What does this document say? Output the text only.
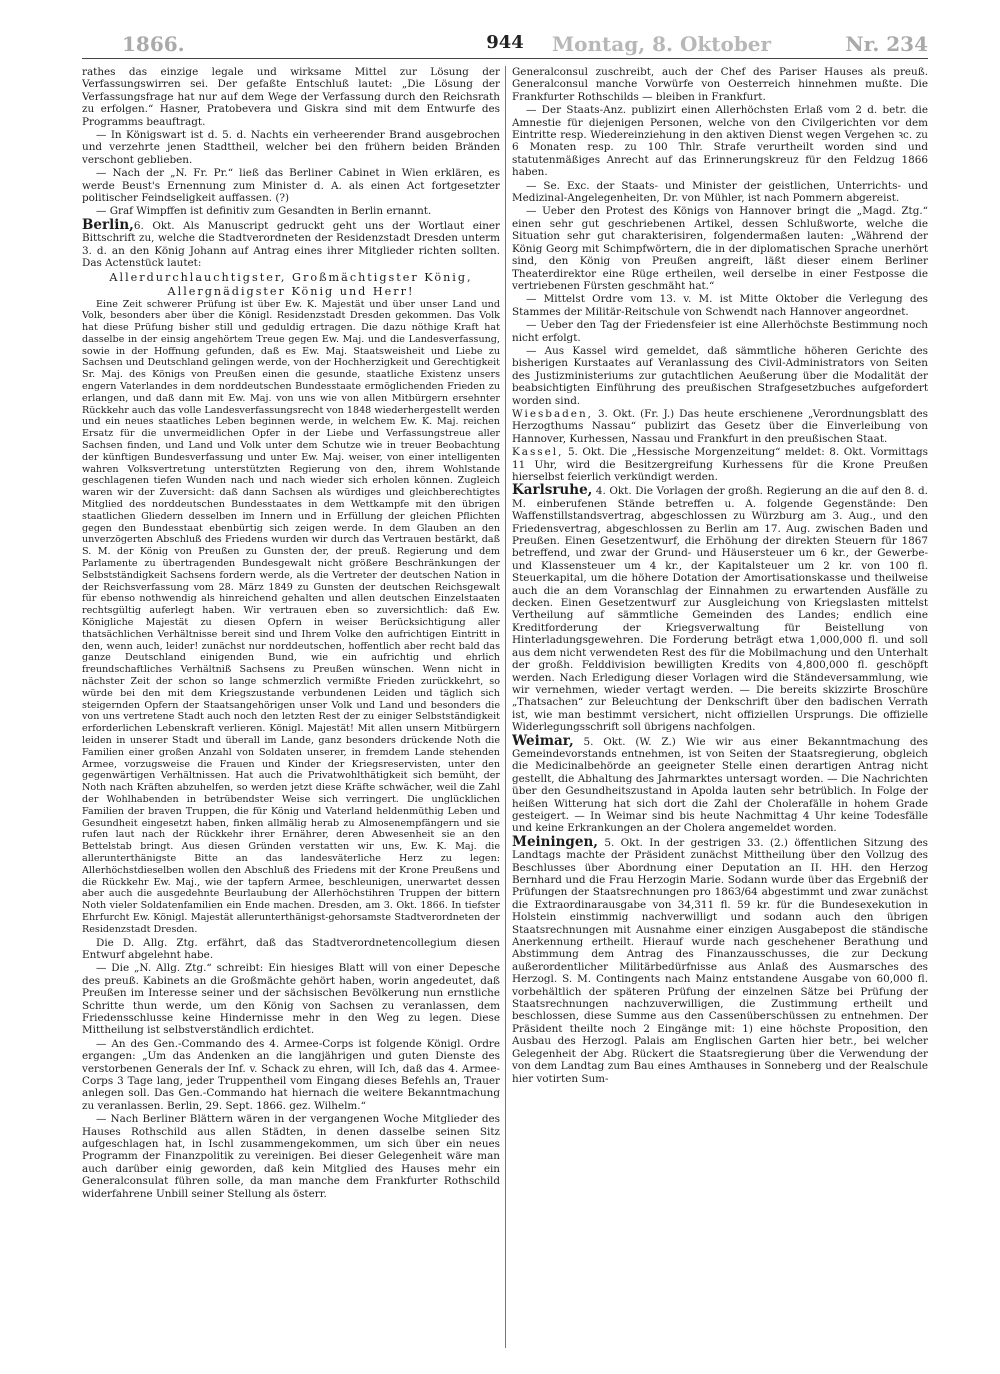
1866.	944	Montag, 8. Oktober	Nr. 234

rathes das einzige legale und wirksame Mittel zur Lösung der Verfassungswirren sei. Der gefaßte Entschluß lautet: „Die Lösung der Verfassungsfrage hat nur auf dem Wege der Verfassung durch den Reichsrath zu erfolgen.“ Hasner, Pratobevera und Giskra sind mit dem Entwurfe des Programms beauftragt.

— In Königswart ist d. 5. d. Nachts ein verheerender Brand ausgebrochen und verzehrte jenen Stadttheil, welcher bei den frühern beiden Bränden verschont geblieben.

— Nach der „N. Fr. Pr.“ ließ das Berliner Cabinet in Wien erklären, es werde Beust's Ernennung zum Minister d. A. als einen Act fortgesetzter politischer Feindseligkeit auffassen. (?)

— Graf Wimpffen ist definitiv zum Gesandten in Berlin ernannt.

Berlin,6. Okt. Als Manuscript gedruckt geht uns der Wortlaut einer Bittschrift zu, welche die Stadtverordneten der Residenzstadt Dresden unterm 3. d. an den König Johann auf Antrag eines ihrer Mitglieder richten sollten. Das Actenstück lautet:

Allerdurchlauchtigster, Großmächtigster König,

Allergnädigster König und Herr!

Eine Zeit schwerer Prüfung ist über Ew. K. Majestät und über unser Land und Volk, besonders aber über die Königl. Residenzstadt Dresden gekommen. Das Volk hat diese Prüfung bisher still und geduldig ertragen. Die dazu nöthige Kraft hat dasselbe in der einsig angehörtem Treue gegen Ew. Maj. und die Landesverfassung, sowie in der Hoffnung gefunden, daß es Ew. Maj. Staatsweisheit und Liebe zu Sachsen und Deutschland gelingen werde, von der Hochherzigkeit und Gerechtigkeit Sr. Maj. des Königs von Preußen einen die gesunde, staatliche Existenz unsers engern Vaterlandes in dem norddeutschen Bundesstaate ermöglichenden Frieden zu erlangen, und daß dann mit Ew. Maj. von uns wie von allen Mitbürgern ersehnter Rückkehr auch das volle Landesverfassungsrecht von 1848 wiederhergestellt werden und ein neues staatliches Leben beginnen werde, in welchem Ew. K. Maj. reichen Ersatz für die unvermeidlichen Opfer in der Liebe und Verfassungstreue aller Sachsen finden, und Land und Volk unter dem Schutze wie in treuer Beobachtung der künftigen Bundesverfassung und unter Ew. Maj. weiser, von einer intelligenten wahren Volksvertretung unterstützten Regierung von den, ihrem Wohlstande geschlagenen tiefen Wunden nach und nach wieder sich erholen können. Zugleich waren wir der Zuversicht: daß dann Sachsen als würdiges und gleichberechtigtes Mitglied des norddeutschen Bundesstaates in dem Wettkampfe mit den übrigen staatlichen Gliedern desselben im Innern und in Erfüllung der gleichen Pflichten gegen den Bundesstaat ebenbürtig sich zeigen werde. In dem Glauben an den unverzögerten Abschluß des Friedens wurden wir durch das Vertrauen bestärkt, daß S. M. der König von Preußen zu Gunsten der, der preuß. Regierung und dem Parlamente zu übertragenden Bundesgewalt nicht größere Beschränkungen der Selbstständigkeit Sachsens fordern werde, als die Vertreter der deutschen Nation in der Reichsverfassung vom 28. März 1849 zu Gunsten der deutschen Reichsgewalt für ebenso nothwendig als hinreichend gehalten und allen deutschen Einzelstaaten rechtsgültig auferlegt haben. Wir vertrauen eben so zuversichtlich: daß Ew. Königliche Majestät zu diesen Opfern in weiser Berücksichtigung aller thatsächlichen Verhältnisse bereit sind und Ihrem Volke den aufrichtigen Eintritt in den, wenn auch, leider! zunächst nur norddeutschen, hoffentlich aber recht bald das ganze Deutschland einigenden Bund, wie ein aufrichtig und ehrlich freundschaftliches Verhältniß Sachsens zu Preußen wünschen. Wenn nicht in nächster Zeit der schon so lange schmerzlich vermißte Frieden zurückkehrt, so würde bei den mit dem Kriegszustande verbundenen Leiden und täglich sich steigernden Opfern der Staatsangehörigen unser Volk und Land und besonders die von uns vertretene Stadt auch noch den letzten Rest der zu einiger Selbstständigkeit erforderlichen Lebenskraft verlieren. Königl. Majestät! Mit allen unsern Mitbürgern leiden in unserer Stadt und überall im Lande, ganz besonders drückende Noth die Familien einer großen Anzahl von Soldaten unserer, in fremdem Lande stehenden Armee, vorzugsweise die Frauen und Kinder der Kriegsreservisten, unter den gegenwärtigen Verhältnissen. Hat auch die Privatwohlthätigkeit sich bemüht, der Noth nach Kräften abzuhelfen, so werden jetzt diese Kräfte schwächer, weil die Zahl der Wohlhabenden in betrübendster Weise sich verringert. Die unglücklichen Familien der braven Truppen, die für König und Vaterland heldenmüthig Leben und Gesundheit eingesetzt haben, finken allmälig herab zu Almosenempfängern und sie rufen laut nach der Rückkehr ihrer Ernährer, deren Abwesenheit sie an den Bettelstab bringt. Aus diesen Gründen verstatten wir uns, Ew. K. Maj. die allerunterthänigste Bitte an das landesväterliche Herz zu legen: Allerhöchstdieselben wollen den Abschluß des Friedens mit der Krone Preußens und die Rückkehr Ew. Maj., wie der tapfern Armee, beschleunigen, unerwartet dessen aber auch die ausgedehnte Beurlaubung der Allerhöchstihren Truppen der bittern Noth vieler Soldatenfamilien ein Ende machen. Dresden, am 3. Okt. 1866. In tiefster Ehrfurcht Ew. Königl. Majestät allerunterthänigst-gehorsamste Stadtverordneten der Residenzstadt Dresden.

Die D. Allg. Ztg. erfährt, daß das Stadtverordnetencollegium diesen Entwurf abgelehnt habe.

— Die „N. Allg. Ztg.“ schreibt: Ein hiesiges Blatt will von einer Depesche des preuß. Kabinets an die Großmächte gehört haben, worin angedeutet, daß Preußen im Interesse seiner und der sächsischen Bevölkerung nun ernstliche Schritte thun werde, um den König von Sachsen zu veranlassen, dem Friedensschlusse keine Hindernisse mehr in den Weg zu legen. Diese Mittheilung ist selbstverständlich erdichtet.

— An des Gen.-Commando des 4. Armee-Corps ist folgende Königl. Ordre ergangen: „Um das Andenken an die langjährigen und guten Dienste des verstorbenen Generals der Inf. v. Schack zu ehren, will Ich, daß das 4. Armee-Corps 3 Tage lang, jeder Truppentheil vom Eingang dieses Befehls an, Trauer anlegen soll. Das Gen.-Commando hat hiernach die weitere Bekanntmachung zu veranlassen. Berlin, 29. Sept. 1866. gez. Wilhelm.“

— Nach Berliner Blättern wären in der vergangenen Woche Mitglieder des Hauses Rothschild aus allen Städten, in denen dasselbe seinen Sitz aufgeschlagen hat, in Ischl zusammengekommen, um sich über ein neues Programm der Finanzpolitik zu vereinigen. Bei dieser Gelegenheit wäre man auch darüber einig geworden, daß kein Mitglied des Hauses mehr ein Generalconsulat führen solle, da man manche dem Frankfurter Rothschild widerfahrene Unbill seiner Stellung als österr.

Generalconsul zuschreibt, auch der Chef des Pariser Hauses als preuß. Generalconsul manche Vorwürfe von Oesterreich hinnehmen mußte. Die Frankfurter Rothschilds — bleiben in Frankfurt.

— Der Staats-Anz. publizirt einen Allerhöchsten Erlaß vom 2 d. betr. die Amnestie für diejenigen Personen, welche von den Civilgerichten vor dem Eintritte resp. Wiedereinziehung in den aktiven Dienst wegen Vergehen ꝛc. zu 6 Monaten resp. zu 100 Thlr. Strafe verurtheilt worden sind und statutenmäßiges Anrecht auf das Erinnerungskreuz für den Feldzug 1866 haben.

— Se. Exc. der Staats- und Minister der geistlichen, Unterrichts- und Medizinal-Angelegenheiten, Dr. von Mühler, ist nach Pommern abgereist.

— Ueber den Protest des Königs von Hannover bringt die „Magd. Ztg.“ einen sehr gut geschriebenen Artikel, dessen Schlußworte, welche die Situation sehr gut charakterisiren, folgendermaßen lauten: „Während der König Georg mit Schimpfwörtern, die in der diplomatischen Sprache unerhört sind, den König von Preußen angreift, läßt dieser einem Berliner Theaterdirektor eine Rüge ertheilen, weil derselbe in einer Festposse die vertriebenen Fürsten geschmäht hat.“

— Mittelst Ordre vom 13. v. M. ist Mitte Oktober die Verlegung des Stammes der Militär-Reitschule von Schwendt nach Hannover angeordnet.

— Ueber den Tag der Friedensfeier ist eine Allerhöchste Bestimmung noch nicht erfolgt.

— Aus Kassel wird gemeldet, daß sämmtliche höheren Gerichte des bisherigen Kurstaates auf Veranlassung des Civil-Administrators von Seiten des Justizministeriums zur gutachtlichen Aeußerung über die Modalität der beabsichtigten Einführung des preußischen Strafgesetzbuches aufgefordert worden sind.

Wiesbaden, 3. Okt. (Fr. J.) Das heute erschienene „Verordnungsblatt des Herzogthums Nassau“ publizirt das Gesetz über die Einverleibung von Hannover, Kurhessen, Nassau und Frankfurt in den preußischen Staat.

Kassel, 5. Okt. Die „Hessische Morgenzeitung“ meldet: 8. Okt. Vormittags 11 Uhr, wird die Besitzergreifung Kurhessens für die Krone Preußen hierselbst feierlich verkündigt werden.

Karlsruhe, 4. Okt. Die Vorlagen der großh. Regierung an die auf den 8. d. M. einberufenen Stände betreffen u. A. folgende Gegenstände: Den Waffenstillstandsvertrag, abgeschlossen zu Würzburg am 3. Aug., und den Friedensvertrag, abgeschlossen zu Berlin am 17. Aug. zwischen Baden und Preußen. Einen Gesetzentwurf, die Erhöhung der direkten Steuern für 1867 betreffend, und zwar der Grund- und Häusersteuer um 6 kr., der Gewerbe- und Klassensteuer um 4 kr., der Kapitalsteuer um 2 kr. von 100 fl. Steuerkapital, um die höhere Dotation der Amortisationskasse und theilweise auch die an dem Voranschlag der Einnahmen zu erwartenden Ausfälle zu decken. Einen Gesetzentwurf zur Ausgleichung von Kriegslasten mittelst Vertheilung auf sämmtliche Gemeinden des Landes; endlich eine Kreditforderung der Kriegsverwaltung für Beistellung von Hinterladungsgewehren. Die Forderung beträgt etwa 1,000,000 fl. und soll aus dem nicht verwendeten Rest des für die Mobilmachung und den Unterhalt der großh. Felddivision bewilligten Kredits von 4,800,000 fl. geschöpft werden. Nach Erledigung dieser Vorlagen wird die Ständeversammlung, wie wir vernehmen, wieder vertagt werden. — Die bereits skizzirte Broschüre „Thatsachen“ zur Beleuchtung der Denkschrift über den badischen Verrath ist, wie man bestimmt versichert, nicht offiziellen Ursprungs. Die offizielle Widerlegungsschrift soll übrigens nachfolgen.

Weimar, 5. Okt. (W. Z.) Wie wir aus einer Bekanntmachung des Gemeindevorstands entnehmen, ist von Seiten der Staatsregierung, obgleich die Medicinalbehörde an geeigneter Stelle einen derartigen Antrag nicht gestellt, die Abhaltung des Jahrmarktes untersagt worden. — Die Nachrichten über den Gesundheitszustand in Apolda lauten sehr betrüblich. In Folge der heißen Witterung hat sich dort die Zahl der Cholerafälle in hohem Grade gesteigert. — In Weimar sind bis heute Nachmittag 4 Uhr keine Todesfälle und keine Erkrankungen an der Cholera angemeldet worden.

Meiningen, 5. Okt. In der gestrigen 33. (2.) öffentlichen Sitzung des Landtags machte der Präsident zunächst Mittheilung über den Vollzug des Beschlusses über Abordnung einer Deputation an II. HH. den Herzog Bernhard und die Frau Herzogin Marie. Sodann wurde über das Ergebniß der Prüfungen der Staatsrechnungen pro 1863/64 abgestimmt und zwar zunächst die Extraordinarausgabe von 34,311 fl. 59 kr. für die Bundesexekution in Holstein einstimmig nachverwilligt und sodann auch den übrigen Staatsrechnungen mit Ausnahme einer einzigen Ausgabepost die ständische Anerkennung ertheilt. Hierauf wurde nach geschehener Berathung und Abstimmung dem Antrag des Finanzausschusses, die zur Deckung außerordentlicher Militärbedürfnisse aus Anlaß des Ausmarsches des Herzogl. S. M. Contingents nach Mainz entstandene Ausgabe von 60,000 fl. vorbehältlich der späteren Prüfung der einzelnen Sätze bei Prüfung der Staatsrechnungen nachzuverwilligen, die Zustimmung ertheilt und beschlossen, diese Summe aus den Cassenüberschüssen zu entnehmen. Der Präsident theilte noch 2 Eingänge mit: 1) eine höchste Proposition, den Ausbau des Herzogl. Palais am Englischen Garten hier betr., bei welcher Gelegenheit der Abg. Rückert die Staatsregierung über die Verwendung der von dem Landtag zum Bau eines Amthauses in Sonneberg und der Realschule hier votirten Sum-
